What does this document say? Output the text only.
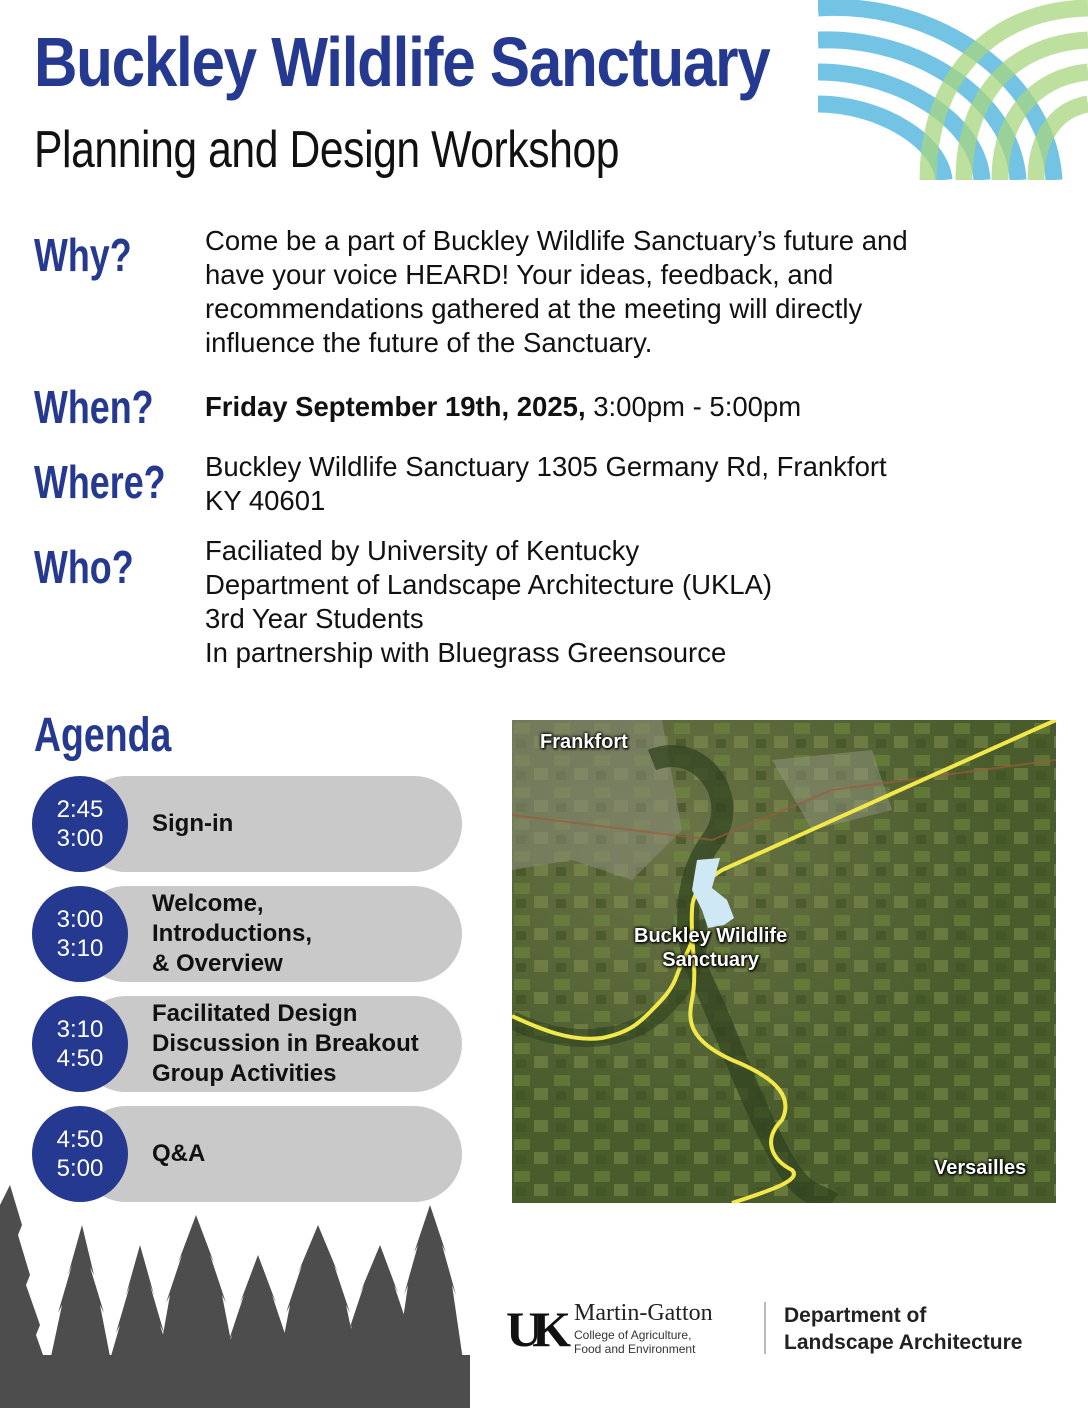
Buckley Wildlife Sanctuary
Planning and Design Workshop
Why?	Come be a part of Buckley Wildlife Sanctuary’s future and have your voice HEARD! Your ideas, feedback, and recommendations gathered at the meeting will directly influence the future of the Sanctuary.
When? Friday September 19th, 2025, 3:00pm - 5:00pm
Where? Buckley Wildlife Sanctuary 1305 Germany Rd, Frankfort
KY 40601
Who?	Faciliated by University of Kentucky
Department of Landscape Architecture (UKLA)
3rd Year Students
In partnership with Bluegrass Greensource
Agenda
2:45
3:00
Sign-in
3:00
3:10
Welcome,
Introductions,
& Overview
3:10
4:50
Facilitated Design
Discussion in Breakout
Group Activities
4:50
5:00
Q&A
Frankfort
Buckley Wildlife
Sanctuary
Versailles
UK Martin-Gatton
College of Agriculture,
Food and Environment
Department of
Landscape Architecture
